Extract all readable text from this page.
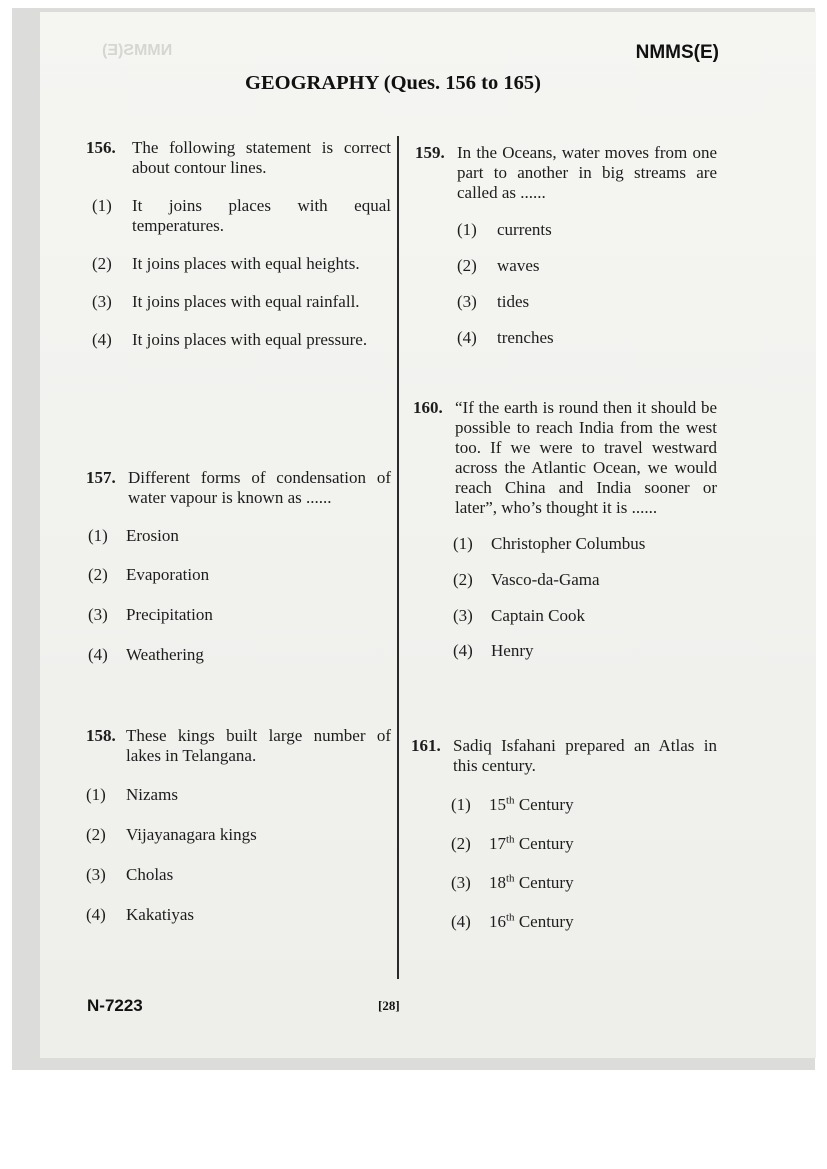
NMMS(E)	NMMS(E)
GEOGRAPHY (Ques. 156 to 165)
156. The following statement is correct about contour lines.
(1) It joins places with equal temperatures.
(2) It joins places with equal heights.
(3) It joins places with equal rainfall.
(4) It joins places with equal pressure.
157. Different forms of condensation of water vapour is known as ......
(1) Erosion
(2) Evaporation
(3) Precipitation
(4) Weathering
158. These kings built large number of lakes in Telangana.
(1) Nizams
(2) Vijayanagara kings
(3) Cholas
(4) Kakatiyas
159. In the Oceans, water moves from one part to another in big streams are called as ......
(1) currents
(2) waves
(3) tides
(4) trenches
160. “If the earth is round then it should be possible to reach India from the west too. If we were to travel westward across the Atlantic Ocean, we would reach China and India sooner or later”, who’s thought it is ......
(1) Christopher Columbus
(2) Vasco-da-Gama
(3) Captain Cook
(4) Henry
161. Sadiq Isfahani prepared an Atlas in this century.
(1) 15th Century
(2) 17th Century
(3) 18th Century
(4) 16th Century
N-7223	[28]
